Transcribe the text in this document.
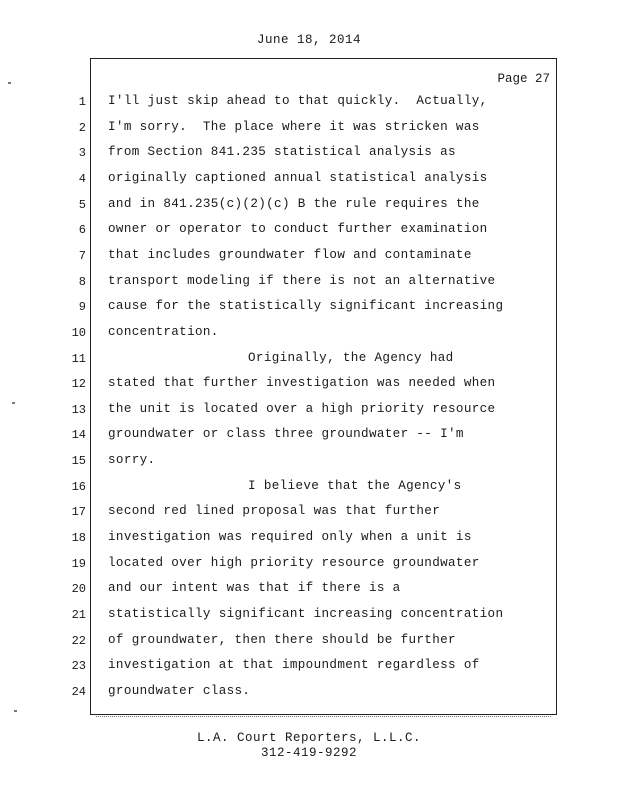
June 18, 2014
Page 27
1 I'll just skip ahead to that quickly.  Actually,
2 I'm sorry.  The place where it was stricken was
3 from Section 841.235 statistical analysis as
4 originally captioned annual statistical analysis
5 and in 841.235(c)(2)(c) B the rule requires the
6 owner or operator to conduct further examination
7 that includes groundwater flow and contaminate
8 transport modeling if there is not an alternative
9 cause for the statistically significant increasing
10 concentration.
11	Originally, the Agency had
12 stated that further investigation was needed when
13 the unit is located over a high priority resource
14 groundwater or class three groundwater -- I'm
15 sorry.
16	I believe that the Agency's
17 second red lined proposal was that further
18 investigation was required only when a unit is
19 located over high priority resource groundwater
20 and our intent was that if there is a
21 statistically significant increasing concentration
22 of groundwater, then there should be further
23 investigation at that impoundment regardless of
24 groundwater class.
L.A. Court Reporters, L.L.C.
312-419-9292
